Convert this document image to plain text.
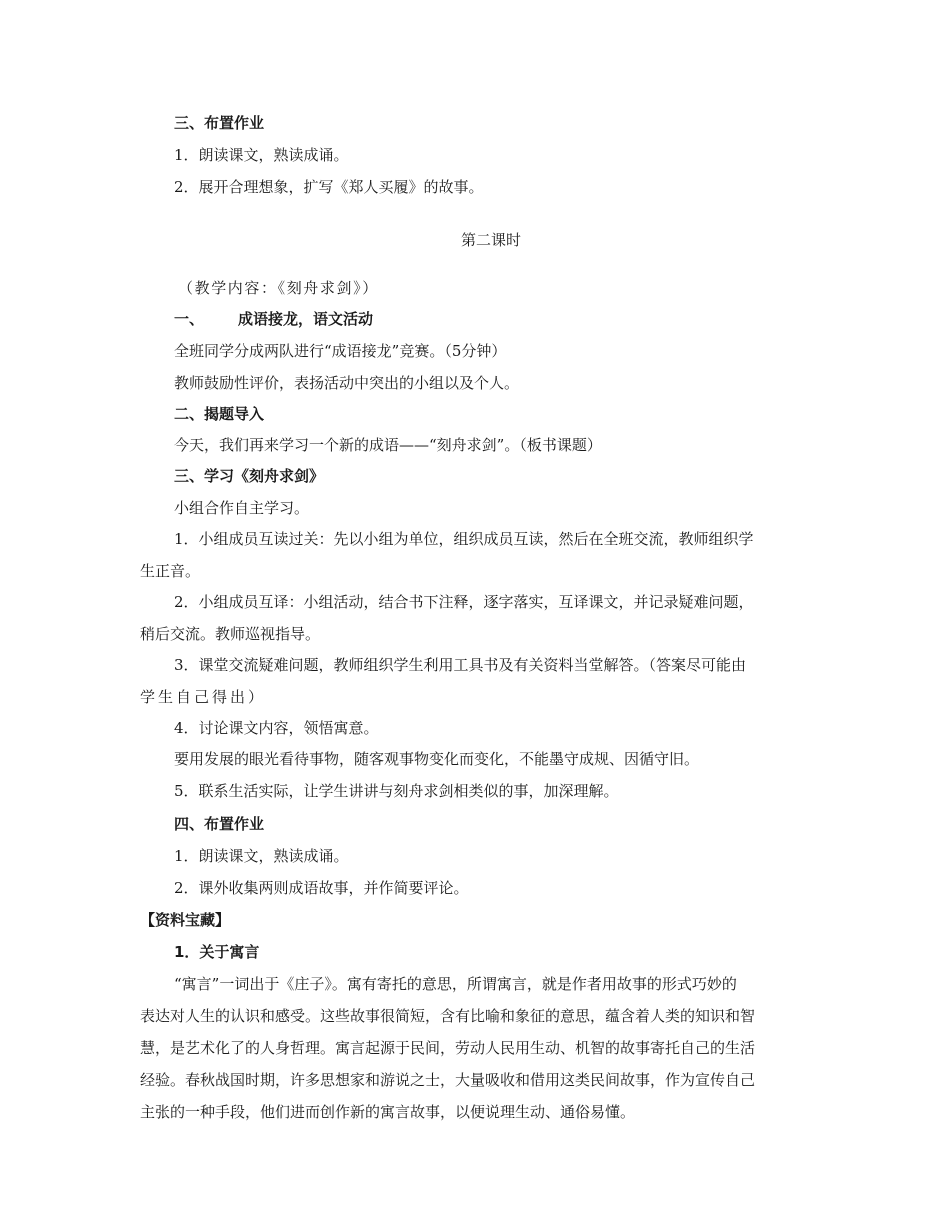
三、布置作业
1．朗读课文，熟读成诵。
2．展开合理想象，扩写《郑人买履》的故事。
第二课时
（教学内容：《刻舟求剑》）
一、 成语接龙，语文活动
全班同学分成两队进行“成语接龙”竞赛。（5分钟）
教师鼓励性评价，表扬活动中突出的小组以及个人。
二、揭题导入
今天，我们再来学习一个新的成语——“刻舟求剑”。（板书课题）
三、学习《刻舟求剑》
小组合作自主学习。
1．小组成员互读过关：先以小组为单位，组织成员互读，然后在全班交流，教师组织学
生正音。
2．小组成员互译：小组活动，结合书下注释，逐字落实，互译课文，并记录疑难问题，
稍后交流。教师巡视指导。
3．课堂交流疑难问题，教师组织学生利用工具书及有关资料当堂解答。（答案尽可能由
学生自己得出）
4．讨论课文内容，领悟寓意。
要用发展的眼光看待事物，随客观事物变化而变化，不能墨守成规、因循守旧。
5．联系生活实际，让学生讲讲与刻舟求剑相类似的事，加深理解。
四、布置作业
1．朗读课文，熟读成诵。
2．课外收集两则成语故事，并作简要评论。
【资料宝藏】
1．关于寓言
“寓言”一词出于《庄子》。寓有寄托的意思，所谓寓言，就是作者用故事的形式巧妙的
表达对人生的认识和感受。这些故事很简短，含有比喻和象征的意思，蕴含着人类的知识和智
慧，是艺术化了的人身哲理。寓言起源于民间，劳动人民用生动、机智的故事寄托自己的生活
经验。春秋战国时期，许多思想家和游说之士，大量吸收和借用这类民间故事，作为宣传自己
主张的一种手段，他们进而创作新的寓言故事，以便说理生动、通俗易懂。
